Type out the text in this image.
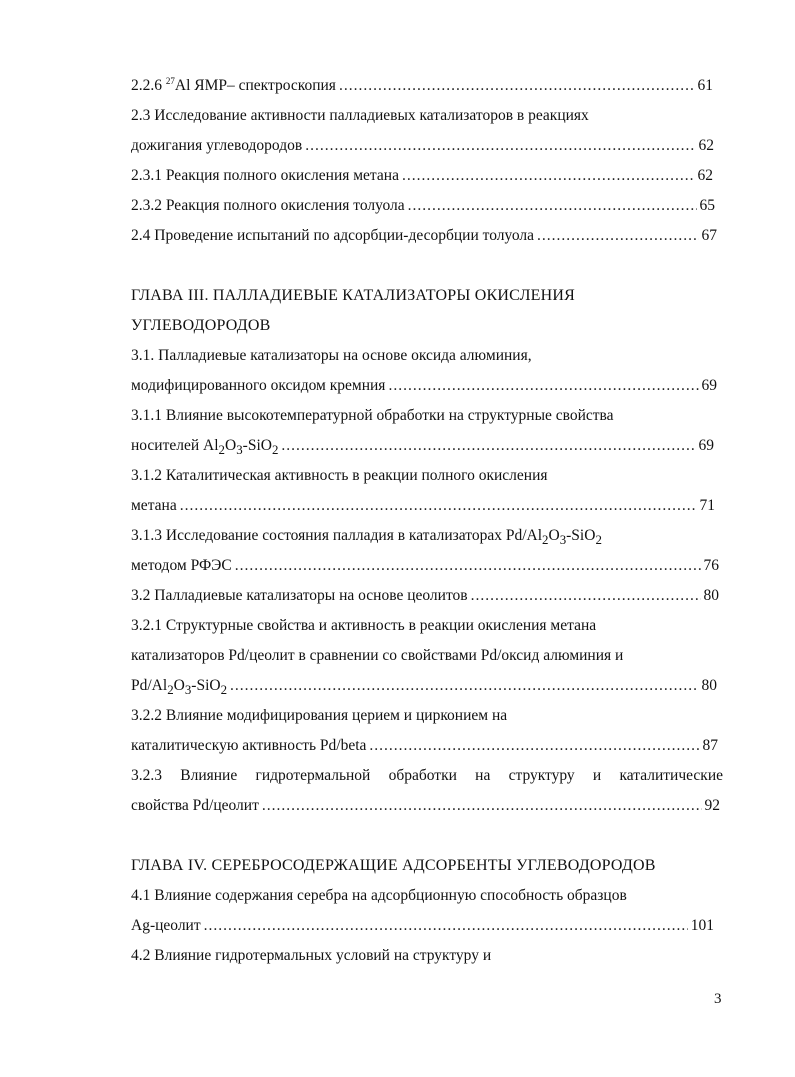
2.2.6 $^{27}$Al ЯМР– спектроскопия .....	61
2.3 Исследование активности палладиевых катализаторов в реакциях
дожигания углеводородов .....	62
2.3.1 Реакция полного окисления метана .....	62
2.3.2 Реакция полного окисления толуола .....	65
2.4 Проведение испытаний по адсорбции-десорбции толуола .....	67
ГЛАВА III. ПАЛЛАДИЕВЫЕ КАТАЛИЗАТОРЫ ОКИСЛЕНИЯ
УГЛЕВОДОРОДОВ
3.1. Палладиевые катализаторы на основе оксида алюминия,
модифицированного оксидом кремния .....	69
3.1.1 Влияние высокотемпературной обработки на структурные свойства
носителей $Al_2O_3-SiO_2$ .....	69
3.1.2 Каталитическая активность в реакции полного окисления
метана .....	71
3.1.3 Исследование состояния палладия в катализаторах $Pd/Al_2O_3-SiO_2$
методом РФЭС .....	76
3.2 Палладиевые катализаторы на основе цеолитов .....	80
3.2.1 Структурные свойства и активность в реакции окисления метана
катализаторов Pd/цеолит в сравнении со свойствами Pd/оксид алюминия и
$Pd/Al_2O_3-SiO_2$ .....	80
3.2.2 Влияние модифицирования церием и цирконием на
каталитическую активность Pd/beta .....	87
3.2.3 Влияние гидротермальной обработки на структуру и каталитические
свойства Pd/цеолит .....	92
ГЛАВА IV. СЕРЕБРОСОДЕРЖАЩИЕ АДСОРБЕНТЫ УГЛЕВОДОРОДОВ
4.1 Влияние содержания серебра на адсорбционную способность образцов
Ag-цеолит .....	101
4.2 Влияние гидротермальных условий на структуру и
3
